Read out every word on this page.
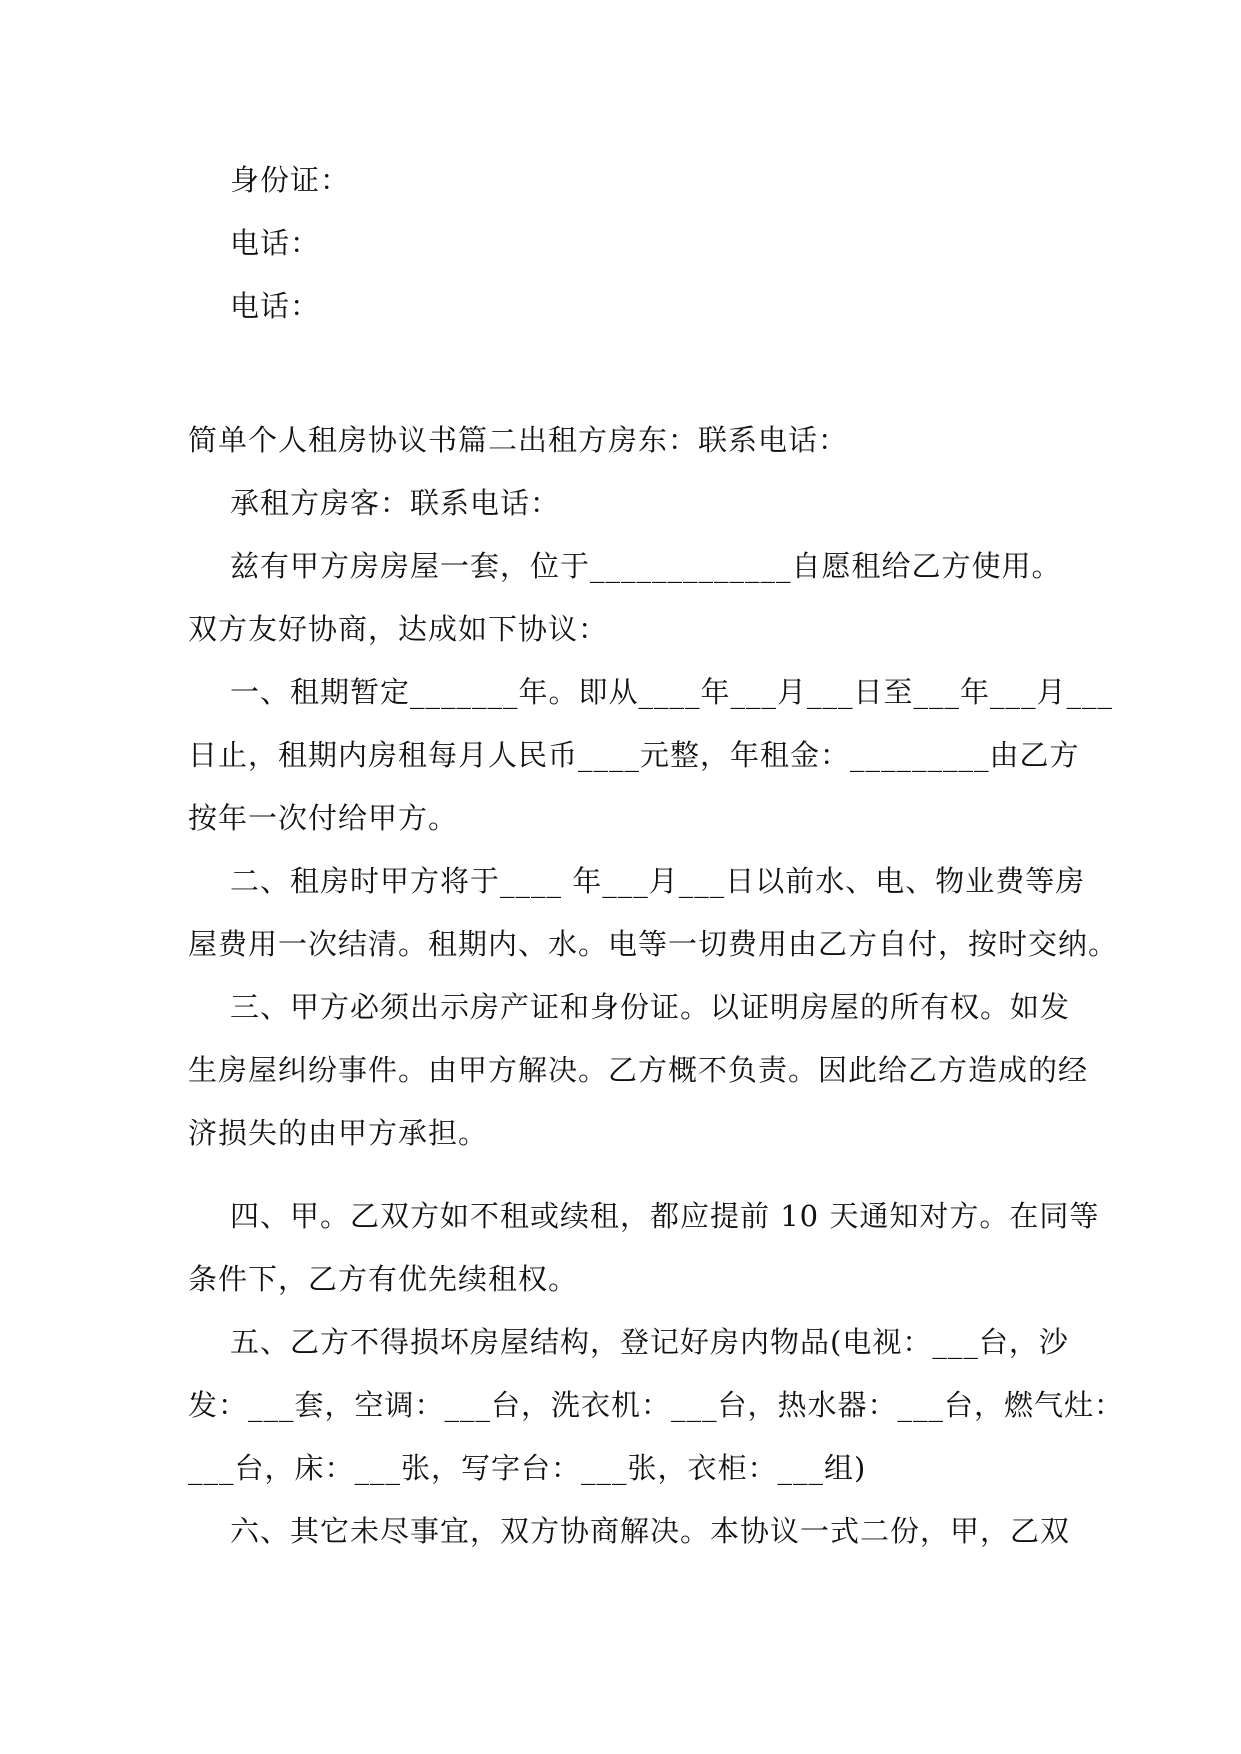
身份证：

电话：

电话：

简单个人租房协议书篇二出租方房东：联系电话：

承租方房客：联系电话：

兹有甲方房房屋一套，位于_____________自愿租给乙方使用。

双方友好协商，达成如下协议：

一、租期暂定_______年。即从____年___月___日至___年___月___

日止，租期内房租每月人民币____元整，年租金：_________由乙方

按年一次付给甲方。

二、租房时甲方将于____ 年___月___日以前水、电、物业费等房

屋费用一次结清。租期内、水。电等一切费用由乙方自付，按时交纳。

三、甲方必须出示房产证和身份证。以证明房屋的所有权。如发

生房屋纠纷事件。由甲方解决。乙方概不负责。因此给乙方造成的经

济损失的由甲方承担。

四、甲。乙双方如不租或续租，都应提前 10 天通知对方。在同等

条件下，乙方有优先续租权。

五、乙方不得损坏房屋结构，登记好房内物品(电视：___台，沙

发：___套，空调：___台，洗衣机：___台，热水器：___台，燃气灶：

___台，床：___张，写字台：___张，衣柜：___组)

六、其它未尽事宜，双方协商解决。本协议一式二份，甲，乙双
